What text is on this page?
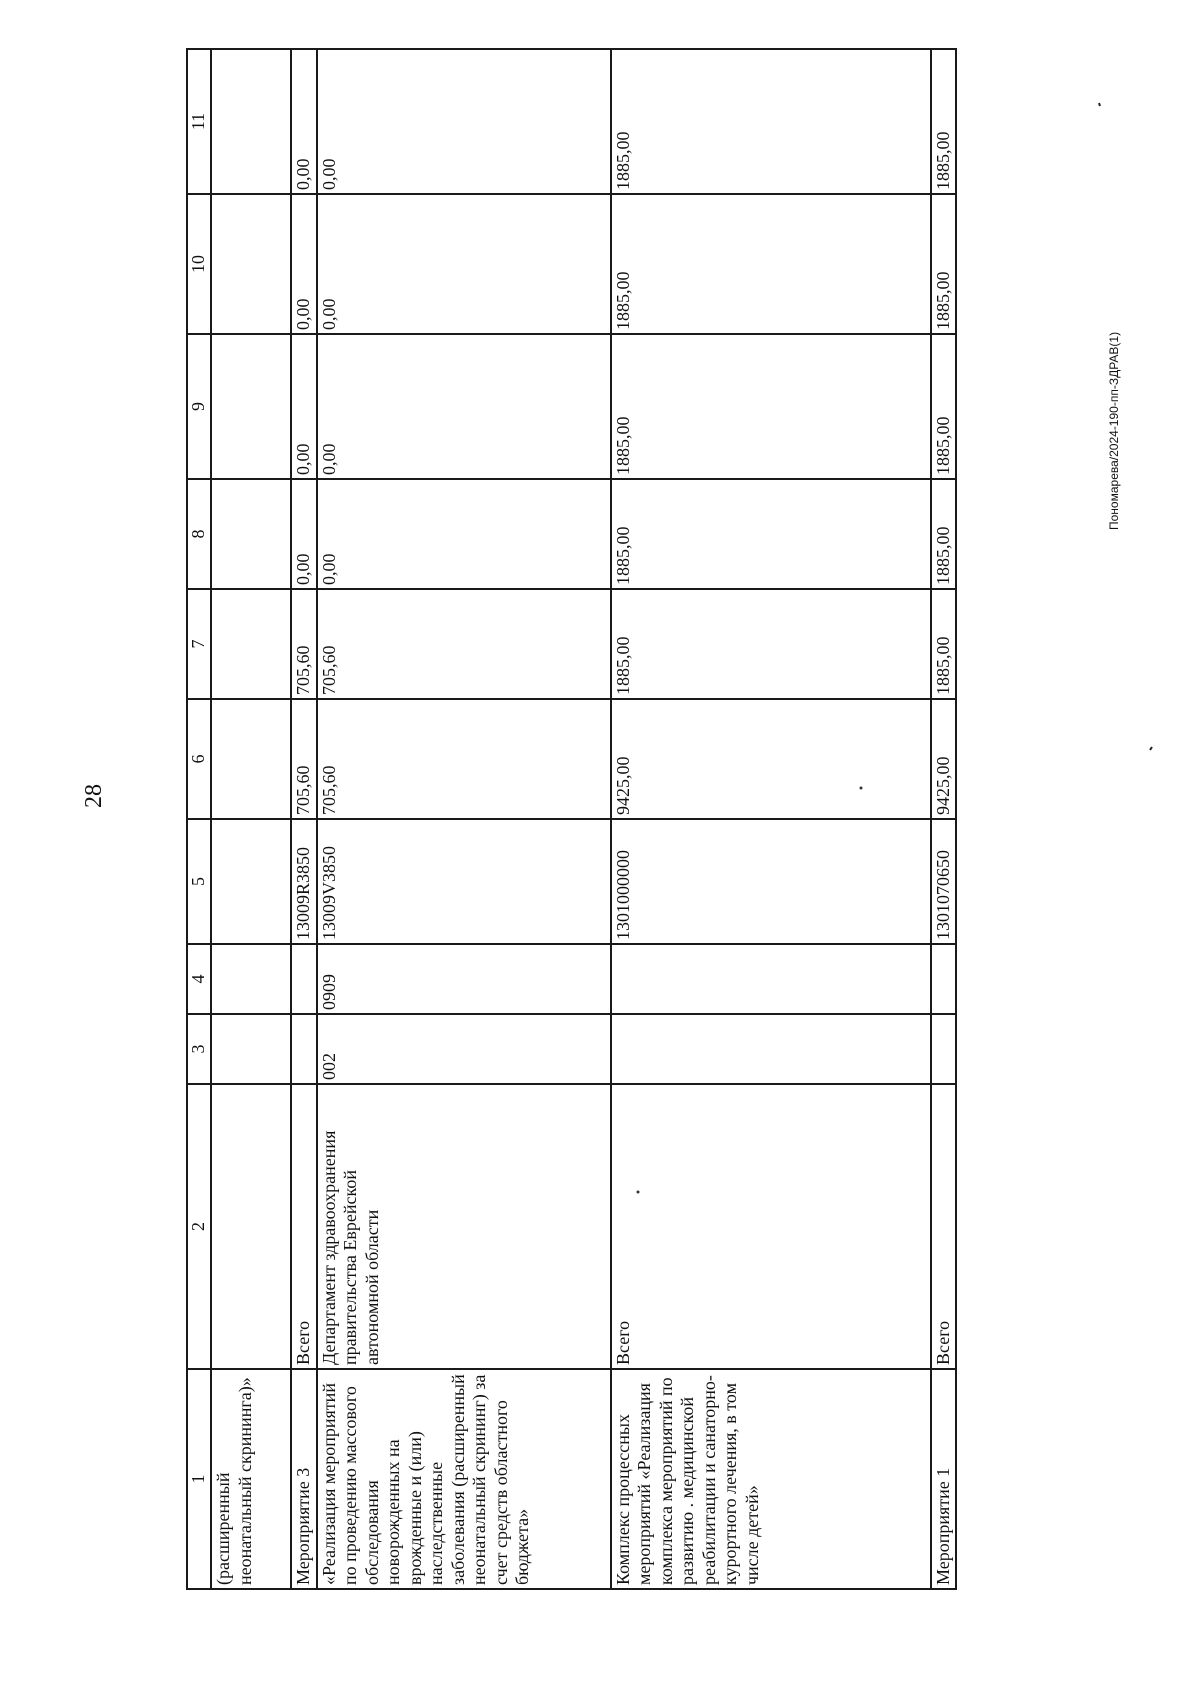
28
Пономарева/2024-190-пп-ЗДРАВ(1)
1	2	3	4	5	6	7	8	9	10	11
(расширенный неонатальный скрининга)»										
Мероприятие 3	Всего			13009R3850	705,60	705,60	0,00	0,00	0,00	0,00
«Реализация мероприятий по проведению массового обследования новорожденных на врожденные и (или) наследственные заболевания (расширенный неонатальный скрининг) за счет средств областного бюджета»	Департамент здравоохранения правительства Еврейской автономной области	002	0909	13009V3850	705,60	705,60	0,00	0,00	0,00	0,00
Комплекс процессных мероприятий «Реализация комплекса мероприятий по развитию . медицинской реабилитации и санаторно-курортного лечения, в том числе детей»	Всего			1301000000	9425,00	1885,00	1885,00	1885,00	1885,00	1885,00
Мероприятие 1	Всего			1301070650	9425,00	1885,00	1885,00	1885,00	1885,00	1885,00
